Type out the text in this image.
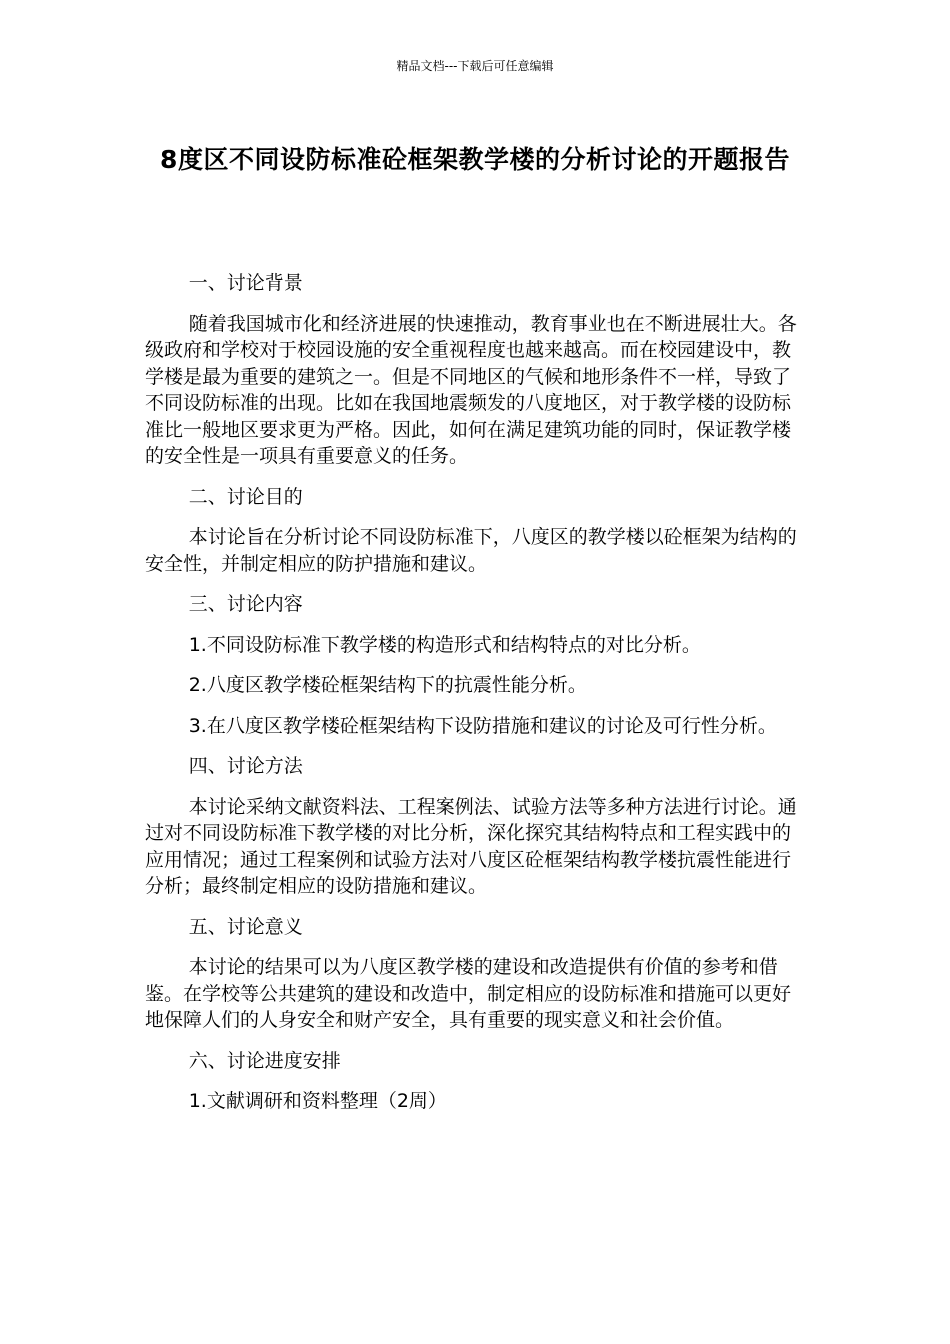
精品文档---下载后可任意编辑
8度区不同设防标准砼框架教学楼的分析讨论的开题报告

一、讨论背景

随着我国城市化和经济进展的快速推动，教育事业也在不断进展壮大。各级政府和学校对于校园设施的安全重视程度也越来越高。而在校园建设中，教学楼是最为重要的建筑之一。但是不同地区的气候和地形条件不一样，导致了不同设防标准的出现。比如在我国地震频发的八度地区，对于教学楼的设防标准比一般地区要求更为严格。因此，如何在满足建筑功能的同时，保证教学楼的安全性是一项具有重要意义的任务。

二、讨论目的

本讨论旨在分析讨论不同设防标准下，八度区的教学楼以砼框架为结构的安全性，并制定相应的防护措施和建议。

三、讨论内容

1.不同设防标准下教学楼的构造形式和结构特点的对比分析。

2.八度区教学楼砼框架结构下的抗震性能分析。

3.在八度区教学楼砼框架结构下设防措施和建议的讨论及可行性分析。

四、讨论方法

本讨论采纳文献资料法、工程案例法、试验方法等多种方法进行讨论。通过对不同设防标准下教学楼的对比分析，深化探究其结构特点和工程实践中的应用情况；通过工程案例和试验方法对八度区砼框架结构教学楼抗震性能进行分析；最终制定相应的设防措施和建议。

五、讨论意义

本讨论的结果可以为八度区教学楼的建设和改造提供有价值的参考和借鉴。在学校等公共建筑的建设和改造中，制定相应的设防标准和措施可以更好地保障人们的人身安全和财产安全，具有重要的现实意义和社会价值。

六、讨论进度安排

1.文献调研和资料整理（2周）
